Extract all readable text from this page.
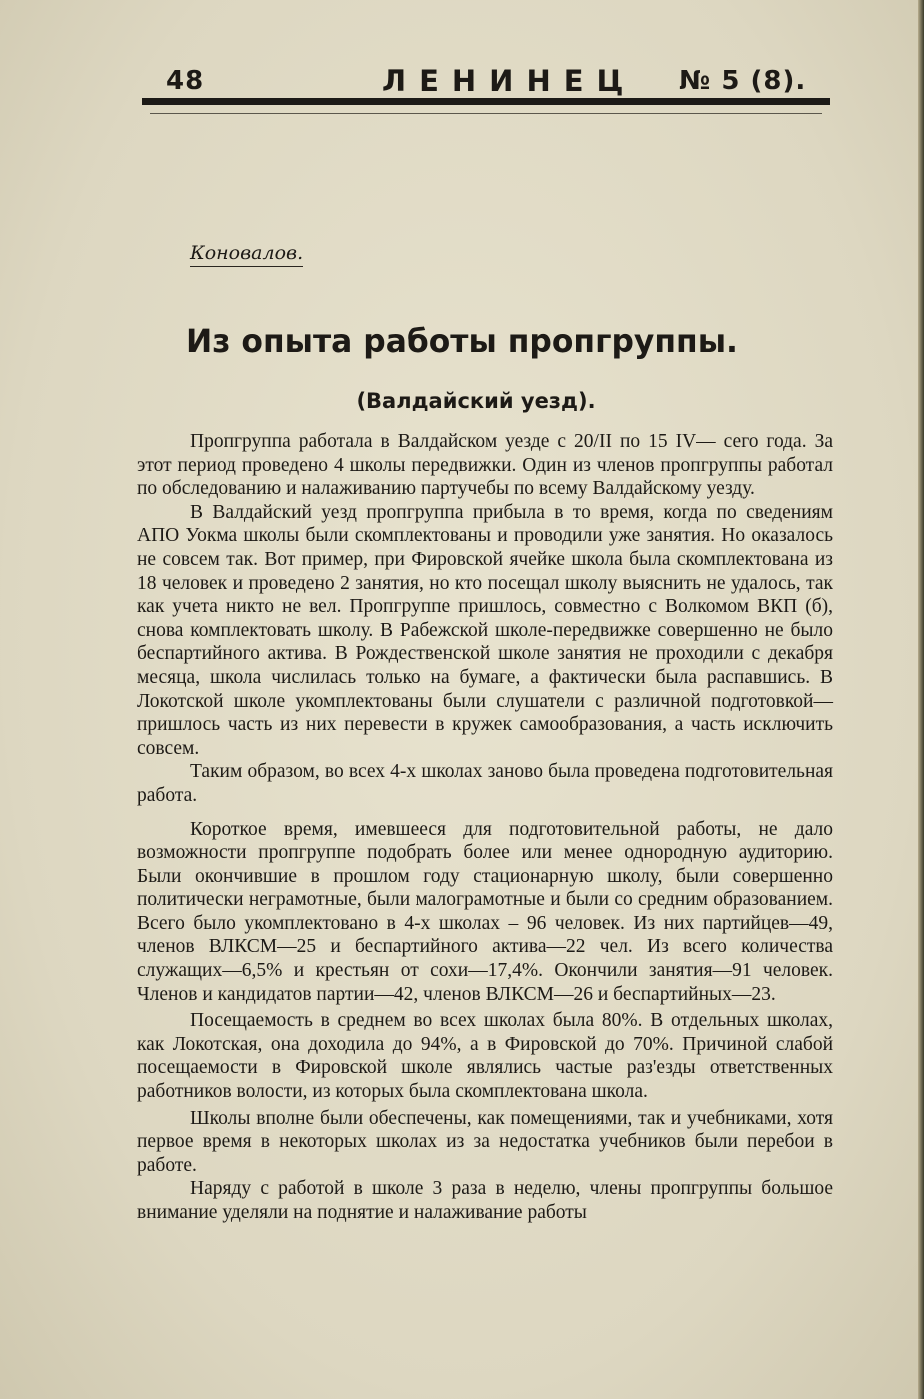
48	ЛЕНИНЕЦ № 5 (8).
Коновалов.
Из опыта работы пропгруппы.
(Валдайский уезд).

Пропгруппа работала в Валдайском уезде с 20/II по 15 IV— сего года. За этот период проведено 4 школы передвижки. Один из членов пропгруппы работал по обследованию и налаживанию партучебы по всему Валдайскому уезду.

В Валдайский уезд пропгруппа прибыла в то время, когда по сведениям АПО Уокма школы были скомплектованы и проводили уже занятия. Но оказалось не совсем так. Вот пример, при Фировской ячейке школа была скомплектована из 18 человек и проведено 2 занятия, но кто посещал школу выяснить не удалось, так как учета никто не вел. Пропгруппе пришлось, совместно с Волкомом ВКП (б), снова комплектовать школу. В Рабежской школе-передвижке совершенно не было беспартийного актива. В Рождественской школе занятия не проходили с декабря месяца, школа числилась только на бумаге, а фактически была распавшись. В Локотской школе укомплектованы были слушатели с различной подготовкой—пришлось часть из них перевести в кружек самообразования, а часть исключить совсем.

Таким образом, во всех 4-х школах заново была проведена подготовительная работа.

Короткое время, имевшееся для подготовительной работы, не дало возможности пропгруппе подобрать более или менее однородную аудиторию. Были окончившие в прошлом году стационарную школу, были совершенно политически неграмотные, были малограмотные и были со средним образованием. Всего было укомплектовано в 4-х школах – 96 человек. Из них партийцев—49, членов ВЛКСМ—25 и беспартийного актива—22 чел. Из всего количества служащих—6,5% и крестьян от сохи—17,4%. Окончили занятия—91 человек. Членов и кандидатов партии—42, членов ВЛКСМ—26 и беспартийных—23.

Посещаемость в среднем во всех школах была 80%. В отдельных школах, как Локотская, она доходила до 94%, а в Фировской до 70%. Причиной слабой посещаемости в Фировской школе являлись частые раз'езды ответственных работников волости, из которых была скомплектована школа.

Школы вполне были обеспечены, как помещениями, так и учебниками, хотя первое время в некоторых школах из за недостатка учебников были перебои в работе.

Наряду с работой в школе 3 раза в неделю, члены пропгруппы большое внимание уделяли на поднятие и налаживание работы
